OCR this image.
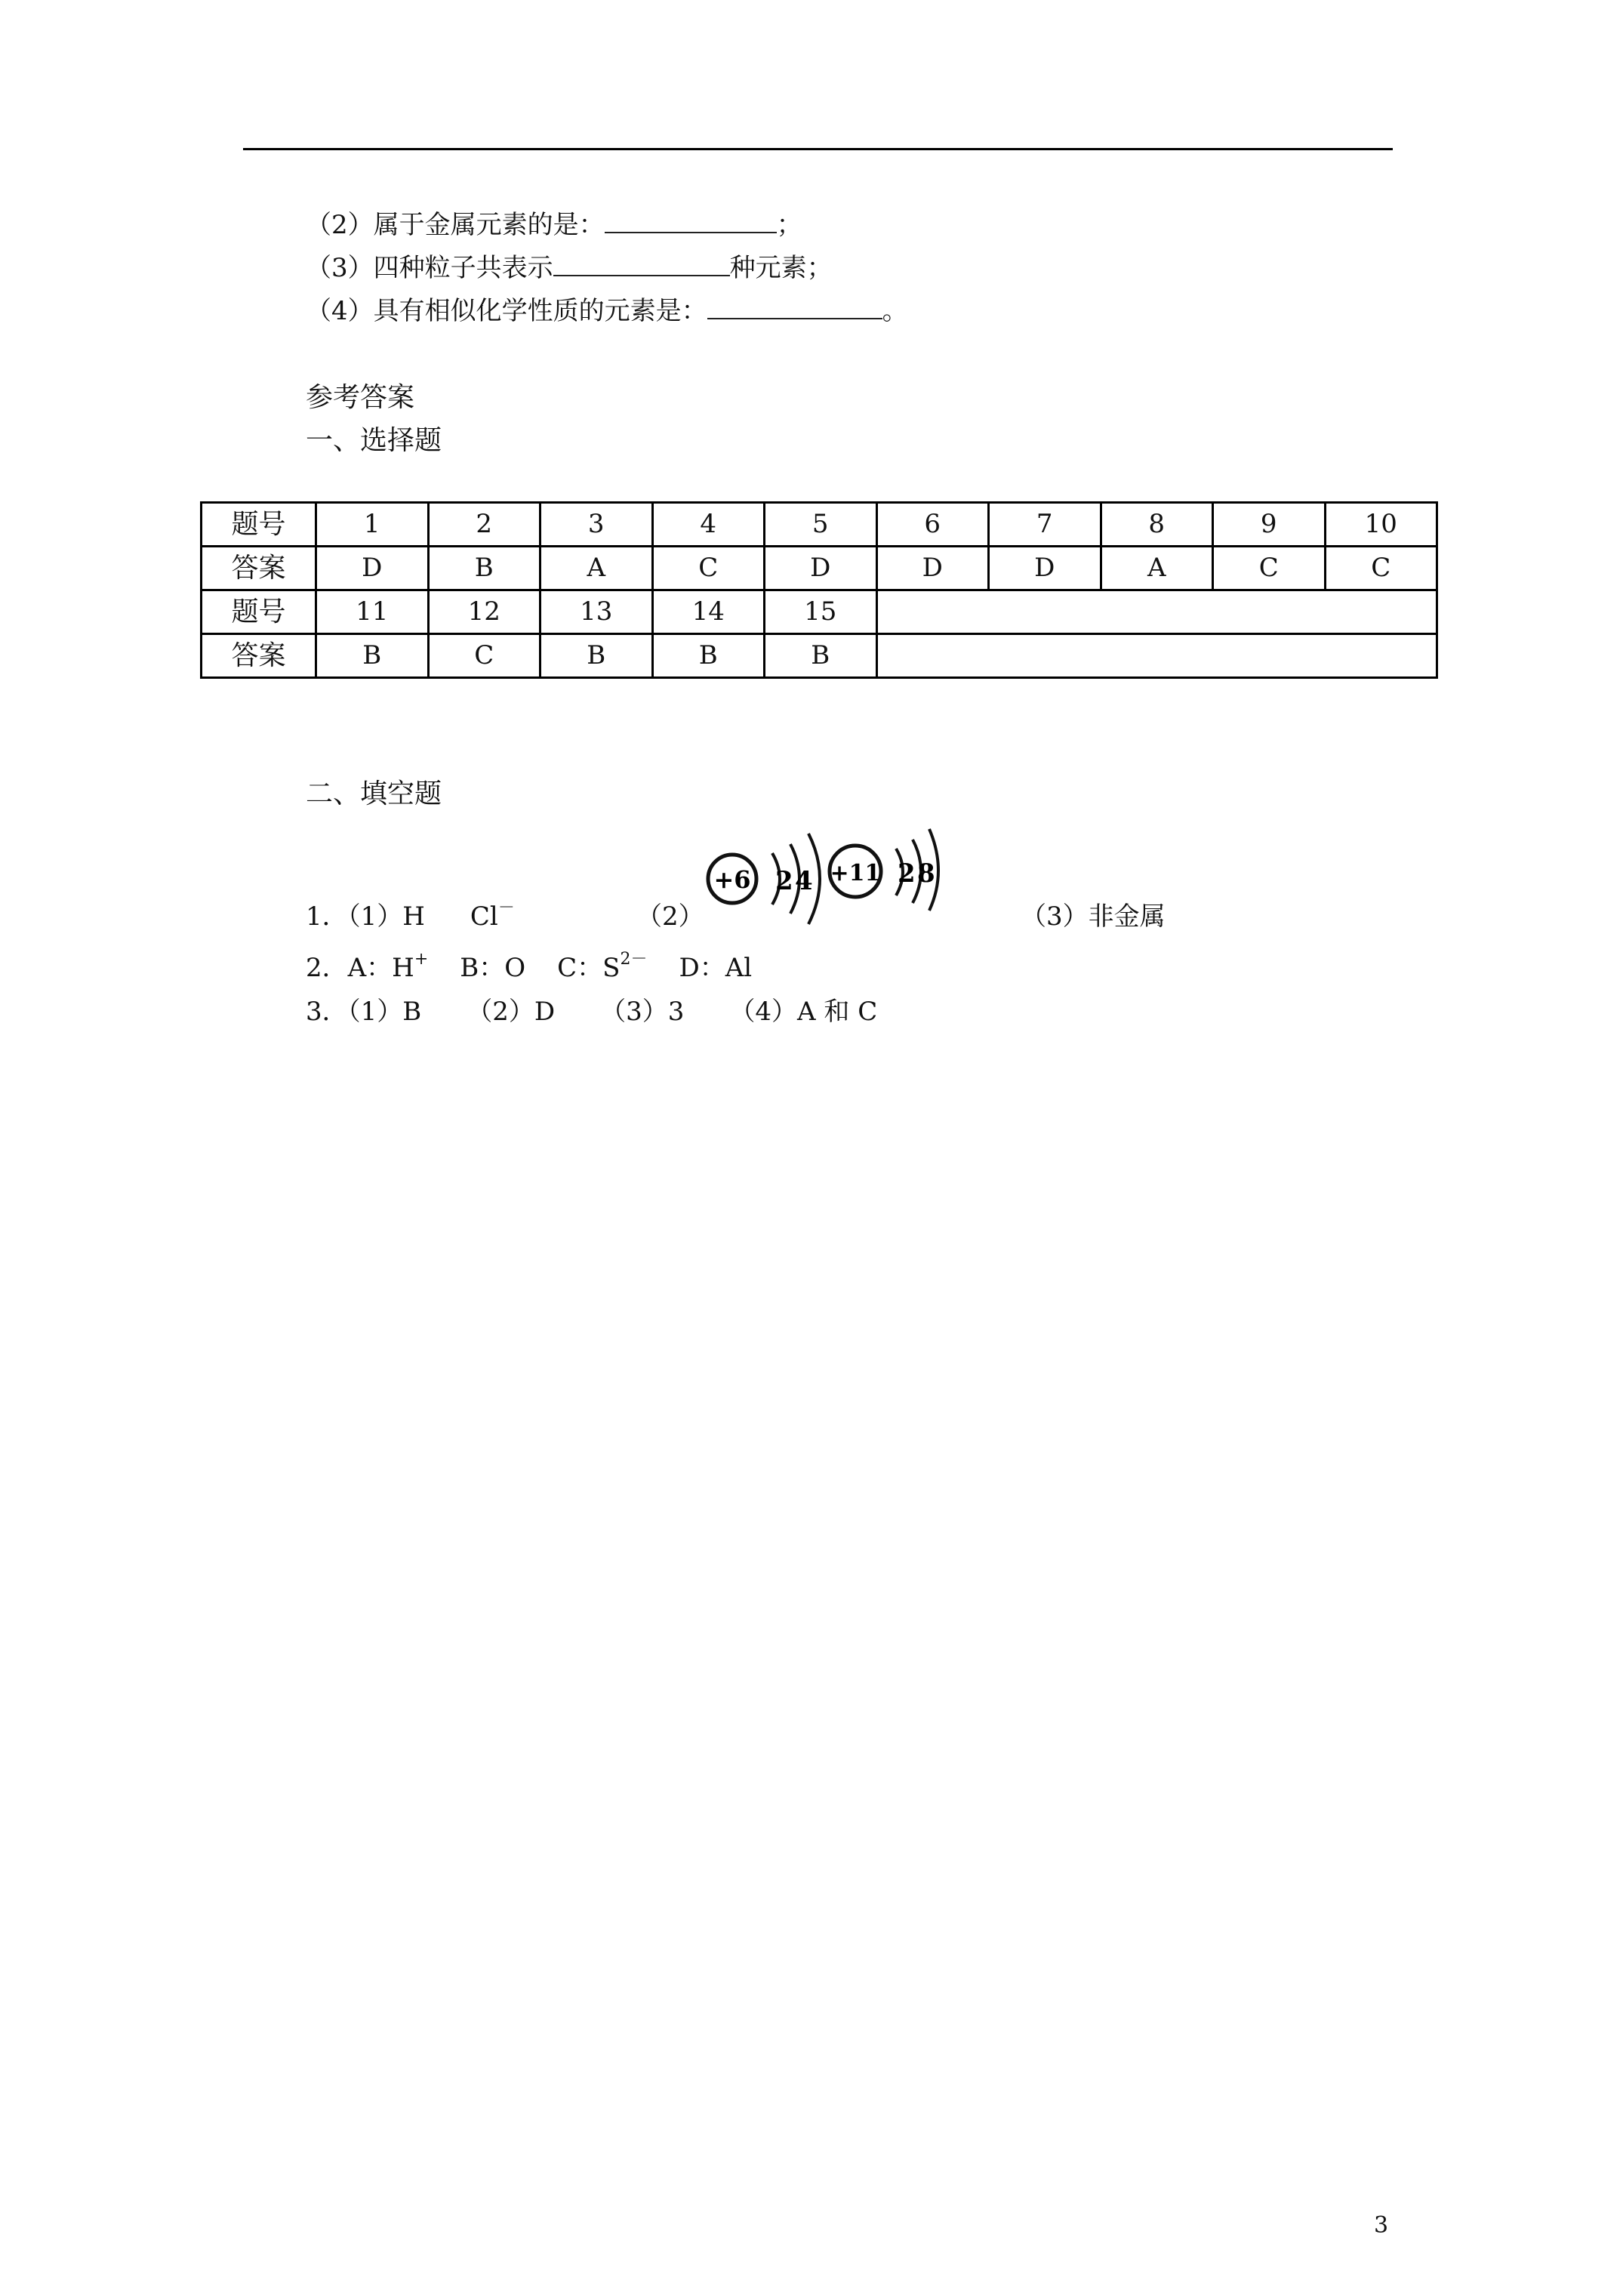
（2）属于金属元素的是：	；
（3）四种粒子共表示	种元素；
（4）具有相似化学性质的元素是：	。
参考答案
一、选择题
题号	1	2	3	4	5	6	7	8	9	10
答案	D	B	A	C	D	D	D	A	C	C
题号	11	12	13	14	15					
答案	B	C	B	B	B					
二、填空题
+6 2 4 +11 2 8
1．（1）H Cl－	（2）	（3）非金属
2．A：H+ B：O C：$S^{2-}$ D：Al
3．（1）B （2）D （3）3 （4）A 和 C
3
